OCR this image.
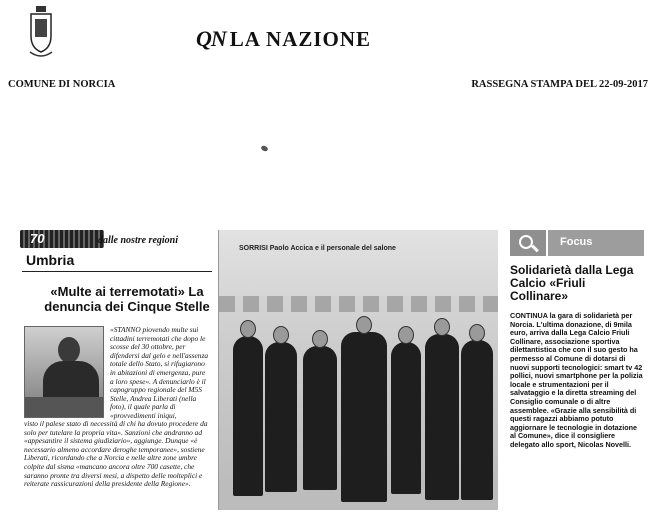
QN LA NAZIONE
COMUNE DI NORCIA	RASSEGNA STAMPA DEL 22-09-2017
70	dalle nostre regioni
Umbria
«Multe ai terremotati» La denuncia dei Cinque Stelle
«STANNO piovendo multe sui cittadini terremotati che dopo le scosse del 30 ottobre, per difendersi dal gelo e nell'assenza totale dello Stato, si rifugiarono in abitazioni di emergenza, pure a loro spese». A denunciarlo è il capogruppo regionale del M5S Stelle, Andrea Liberati (nella foto), il quale parla di «provvedimenti iniqui,
visto il palese stato di necessità di chi ha dovuto procedere da solo per tutelare la propria vita». Sanzioni che andranno ad «appesantire il sistema giudiziario», aggiunge. Dunque «è necessario almeno accordare deroghe temporanee», sostiene Liberati, ricordando che a Norcia e nelle altre zone umbre colpite dal sisma «mancano ancora oltre 700 casette, che saranno pronte tra diversi mesi, a dispetto delle molteplici e reiterate rassicurazioni della presidente della Regione».
SORRISI Paolo Accica e il personale del salone
Focus
Solidarietà dalla Lega Calcio «Friuli Collinare»
CONTINUA la gara di solidarietà per Norcia. L'ultima donazione, di 9mila euro, arriva dalla Lega Calcio Friuli Collinare, associazione sportiva dilettantistica che con il suo gesto ha permesso al Comune di dotarsi di nuovi supporti tecnologici: smart tv 42 pollici, nuovi smartphone per la polizia locale e strumentazioni per il salvataggio e la diretta streaming del Consiglio comunale o di altre assemblee. «Grazie alla sensibilità di questi ragazzi abbiamo potuto aggiornare le tecnologie in dotazione al Comune», dice il consigliere delegato allo sport, Nicolas Novelli.
